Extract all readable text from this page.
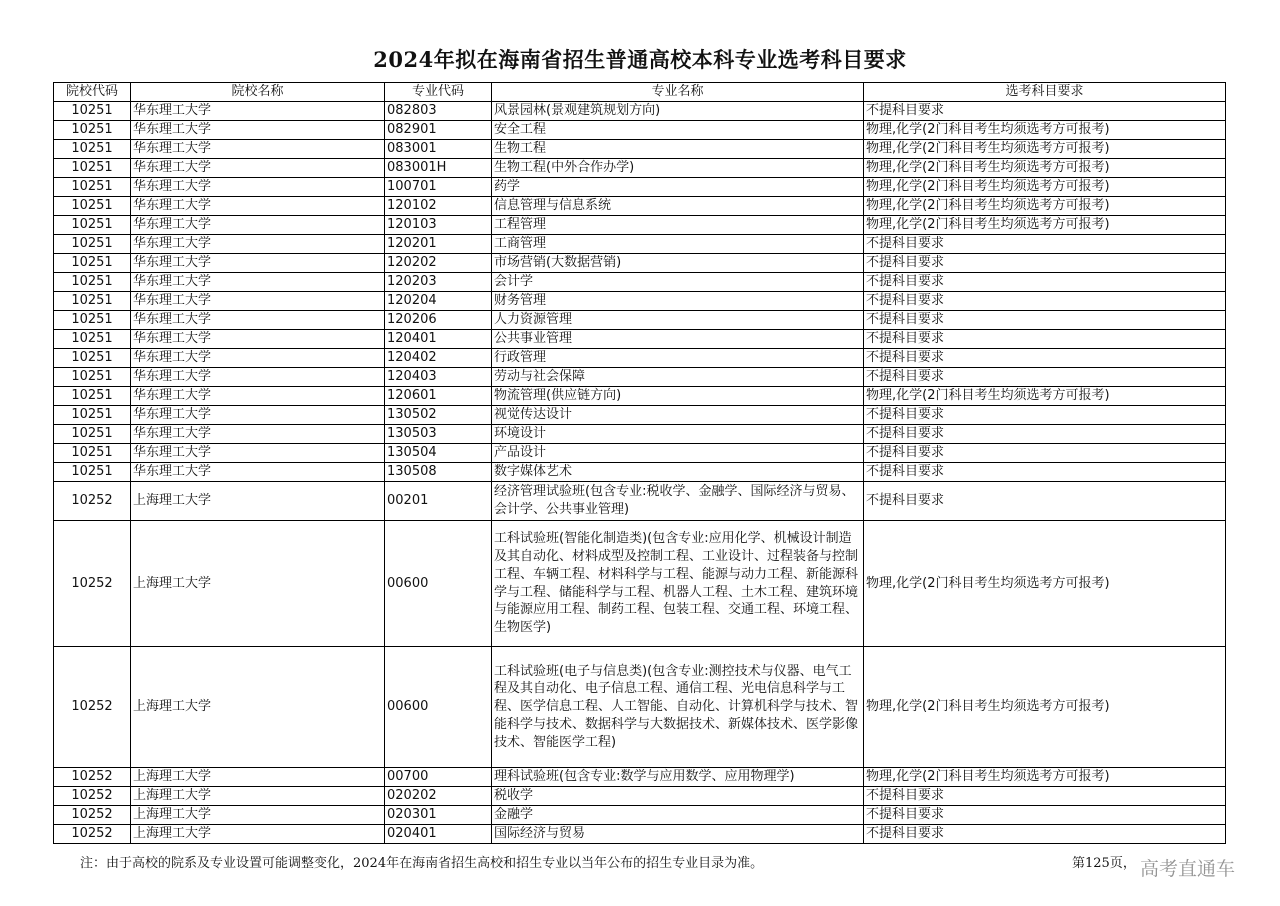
2024年拟在海南省招生普通高校本科专业选考科目要求
院校代码	院校名称	专业代码	专业名称	选考科目要求
10251	华东理工大学	082803	风景园林(景观建筑规划方向)	不提科目要求
10251	华东理工大学	082901	安全工程	物理,化学(2门科目考生均须选考方可报考)
10251	华东理工大学	083001	生物工程	物理,化学(2门科目考生均须选考方可报考)
10251	华东理工大学	083001H	生物工程(中外合作办学)	物理,化学(2门科目考生均须选考方可报考)
10251	华东理工大学	100701	药学	物理,化学(2门科目考生均须选考方可报考)
10251	华东理工大学	120102	信息管理与信息系统	物理,化学(2门科目考生均须选考方可报考)
10251	华东理工大学	120103	工程管理	物理,化学(2门科目考生均须选考方可报考)
10251	华东理工大学	120201	工商管理	不提科目要求
10251	华东理工大学	120202	市场营销(大数据营销)	不提科目要求
10251	华东理工大学	120203	会计学	不提科目要求
10251	华东理工大学	120204	财务管理	不提科目要求
10251	华东理工大学	120206	人力资源管理	不提科目要求
10251	华东理工大学	120401	公共事业管理	不提科目要求
10251	华东理工大学	120402	行政管理	不提科目要求
10251	华东理工大学	120403	劳动与社会保障	不提科目要求
10251	华东理工大学	120601	物流管理(供应链方向)	物理,化学(2门科目考生均须选考方可报考)
10251	华东理工大学	130502	视觉传达设计	不提科目要求
10251	华东理工大学	130503	环境设计	不提科目要求
10251	华东理工大学	130504	产品设计	不提科目要求
10251	华东理工大学	130508	数字媒体艺术	不提科目要求
10252	上海理工大学	00201	经济管理试验班(包含专业:税收学、金融学、国际经济与贸易、会计学、公共事业管理)	不提科目要求
10252	上海理工大学	00600	工科试验班(智能化制造类)(包含专业:应用化学、机械设计制造及其自动化、材料成型及控制工程、工业设计、过程装备与控制工程、车辆工程、材料科学与工程、能源与动力工程、新能源科学与工程、储能科学与工程、机器人工程、土木工程、建筑环境与能源应用工程、制药工程、包装工程、交通工程、环境工程、生物医学)	物理,化学(2门科目考生均须选考方可报考)
10252	上海理工大学	00600	工科试验班(电子与信息类)(包含专业:测控技术与仪器、电气工程及其自动化、电子信息工程、通信工程、光电信息科学与工程、医学信息工程、人工智能、自动化、计算机科学与技术、智能科学与技术、数据科学与大数据技术、新媒体技术、医学影像技术、智能医学工程)	物理,化学(2门科目考生均须选考方可报考)
10252	上海理工大学	00700	理科试验班(包含专业:数学与应用数学、应用物理学)	物理,化学(2门科目考生均须选考方可报考)
10252	上海理工大学	020202	税收学	不提科目要求
10252	上海理工大学	020301	金融学	不提科目要求
10252	上海理工大学	020401	国际经济与贸易	不提科目要求
注：由于高校的院系及专业设置可能调整变化，2024年在海南省招生高校和招生专业以当年公布的招生专业目录为准。	第125页， 高考直通车
